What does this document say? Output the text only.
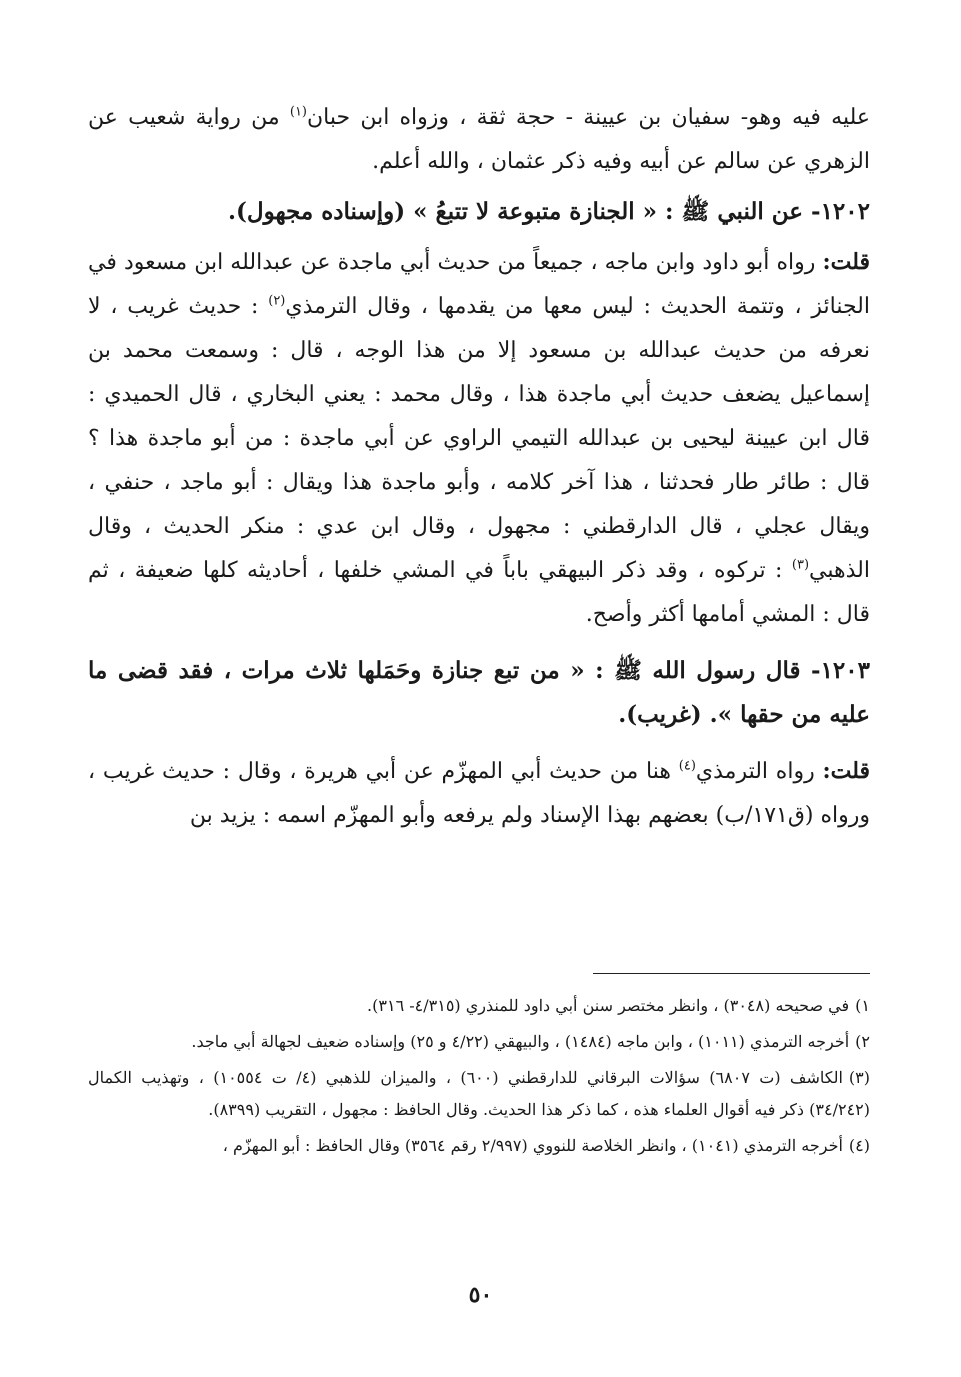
عليه فيه وهو- سفيان بن عيينة - حجة ثقة ، وزواه ابن حبان$^{(١)}$ من رواية شعيب عن الزهري عن سالم عن أبيه وفيه ذكر عثمان ، والله أعلم.

١٢٠٢- عن النبي ﷺ : « الجنازة متبوعة لا تتبعُ » (وإسناده مجهول).

قلت: رواه أبو داود وابن ماجه ، جميعاً من حديث أبي ماجدة عن عبدالله ابن مسعود في الجنائز ، وتتمة الحديث : ليس معها من يقدمها ، وقال الترمذي$^{(٢)}$ : حديث غريب ، لا نعرفه من حديث عبدالله بن مسعود إلا من هذا الوجه ، قال : وسمعت محمد بن إسماعيل يضعف حديث أبي ماجدة هذا ، وقال محمد : يعني البخاري ، قال الحميدي : قال ابن عيينة ليحيى بن عبدالله التيمي الراوي عن أبي ماجدة : من أبو ماجدة هذا ؟ قال : طائر طار فحدثنا ، هذا آخر كلامه ، وأبو ماجدة هذا ويقال : أبو ماجد ، حنفي ، ويقال عجلي ، قال الدارقطني : مجهول ، وقال ابن عدي : منكر الحديث ، وقال الذهبي$^{(٣)}$ : تركوه ، وقد ذكر البيهقي باباً في المشي خلفها ، أحاديثه كلها ضعيفة ، ثم قال : المشي أمامها أكثر وأصح.

١٢٠٣- قال رسول الله ﷺ : « من تبع جنازة وحَمَلها ثلاث مرات ، فقد قضى ما عليه من حقها ». (غريب).

قلت: رواه الترمذي$^{(٤)}$ هنا من حديث أبي المهزّم عن أبي هريرة ، وقال : حديث غريب ، ورواه (ق١٧١/ب) بعضهم بهذا الإسناد ولم يرفعه وأبو المهزّم اسمه : يزيد بن

١)في صحيحه (٣٠٤٨) ، وانظر مختصر سنن أبي داود للمنذري (٤/٣١٥- ٣١٦).

٢)أخرجه الترمذي (١٠١١) ، وابن ماجه (١٤٨٤) ، والبيهقي (٤/٢٢ و ٢٥) وإسناده ضعيف لجهالة أبي ماجد.

(٣)الكاشف (ت ٦٨٠٧) سؤالات البرقاني للدارقطني (٦٠٠) ، والميزان للذهبي (٤/ ت ١٠٥٥٤) ، وتهذيب الكمال (٣٤/٢٤٢) ذكر فيه أقوال العلماء هذه ، كما ذكر هذا الحديث. وقال الحافظ : مجهول ، التقريب (٨٣٩٩).

(٤)أخرجه الترمذي (١٠٤١) ، وانظر الخلاصة للنووي (٢/٩٩٧ رقم ٣٥٦٤) وقال الحافظ : أبو المهزّم ،

٥٠
